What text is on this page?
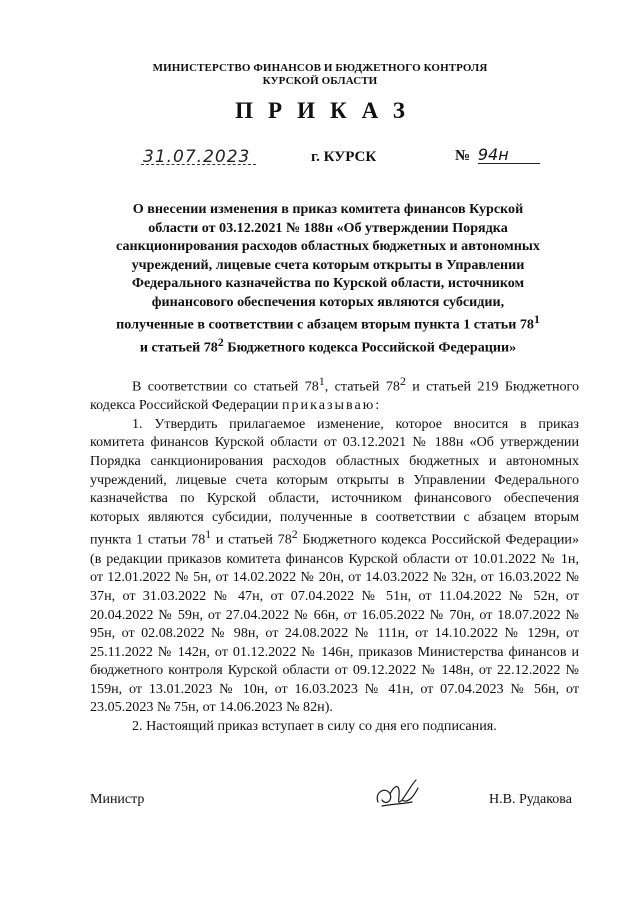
МИНИСТЕРСТВО ФИНАНСОВ И БЮДЖЕТНОГО КОНТРОЛЯ
КУРСКОЙ ОБЛАСТИ
ПРИКАЗ
31.07.2023	г. КУРСК	№ 94н
О внесении изменения в приказ комитета финансов Курской
области от 03.12.2021 № 188н «Об утверждении Порядка
санкционирования расходов областных бюджетных и автономных
учреждений, лицевые счета которым открыты в Управлении
Федерального казначейства по Курской области, источником
финансового обеспечения которых являются субсидии,
полученные в соответствии с абзацем вторым пункта 1 статьи $78^1$
и статьей $78^2$ Бюджетного кодекса Российской Федерации»

В соответствии со статьей $78^1$, статьей $78^2$ и статьей 219 Бюджетного кодекса Российской Федерации приказываю:

1. Утвердить прилагаемое изменение, которое вносится в приказ комитета финансов Курской области от 03.12.2021 № 188н «Об утверждении Порядка санкционирования расходов областных бюджетных и автономных учреждений, лицевые счета которым открыты в Управлении Федерального казначейства по Курской области, источником финансового обеспечения которых являются субсидии, полученные в соответствии с абзацем вторым пункта 1 статьи $78^1$ и статьей $78^2$ Бюджетного кодекса Российской Федерации» (в редакции приказов комитета финансов Курской области от 10.01.2022 № 1н, от 12.01.2022 № 5н, от 14.02.2022 № 20н, от 14.03.2022 № 32н, от 16.03.2022 № 37н, от 31.03.2022 № 47н, от 07.04.2022 № 51н, от 11.04.2022 № 52н, от 20.04.2022 № 59н, от 27.04.2022 № 66н, от 16.05.2022 № 70н, от 18.07.2022 № 95н, от 02.08.2022 № 98н, от 24.08.2022 № 111н, от 14.10.2022 № 129н, от 25.11.2022 № 142н, от 01.12.2022 № 146н, приказов Министерства финансов и бюджетного контроля Курской области от 09.12.2022 № 148н, от 22.12.2022 № 159н, от 13.01.2023 № 10н, от 16.03.2023 № 41н, от 07.04.2023 № 56н, от 23.05.2023 № 75н, от 14.06.2023 № 82н).

2. Настоящий приказ вступает в силу со дня его подписания.

Министр	Н.В. Рудакова
